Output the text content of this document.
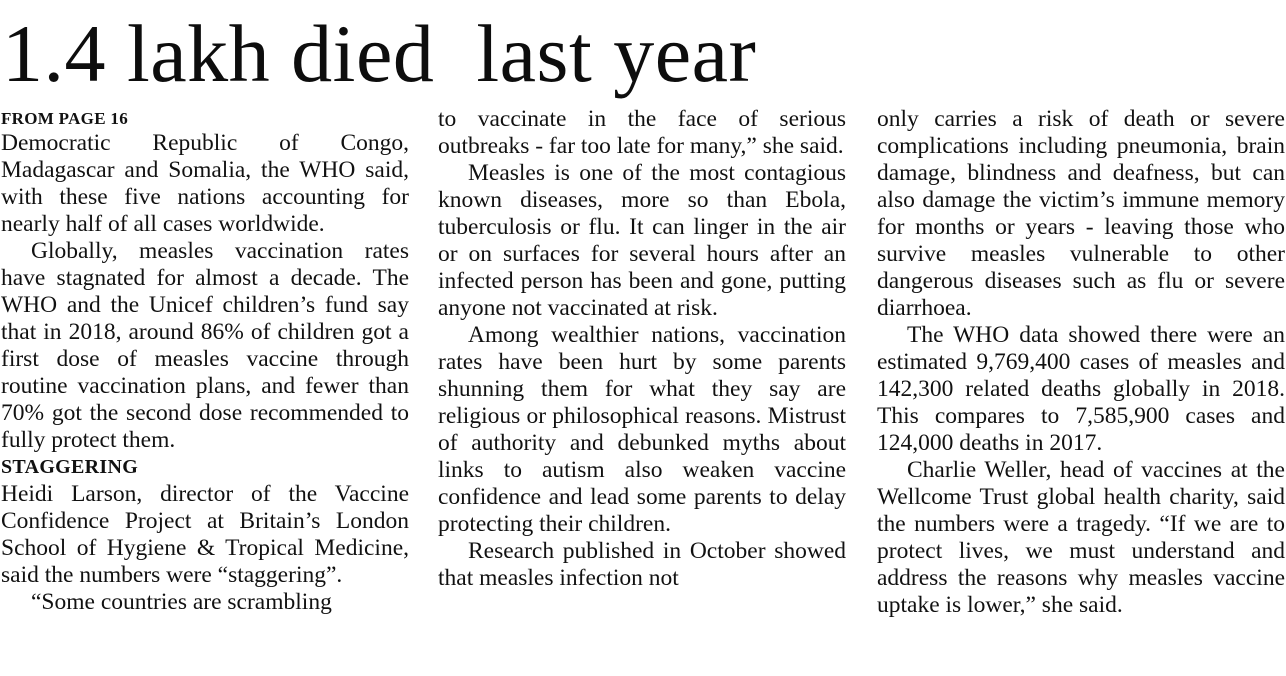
1.4 lakh died  last year
FROM PAGE 16

Democratic Republic of Congo, Madagascar and Somalia, the WHO said, with these five nations accounting for nearly half of all cases worldwide.

Globally, measles vaccination rates have stagnated for almost a decade. The WHO and the Unicef children’s fund say that in 2018, around 86% of children got a first dose of measles vaccine through routine vaccination plans, and fewer than 70% got the second dose recommended to fully protect them.

STAGGERING

Heidi Larson, director of the Vaccine Confidence Project at Britain’s London School of Hygiene & Tropical Medicine, said the numbers were “staggering”.

“Some countries are scrambling

to vaccinate in the face of serious outbreaks - far too late for many,” she said.

Measles is one of the most contagious known diseases, more so than Ebola, tuberculosis or flu. It can linger in the air or on surfaces for several hours after an infected person has been and gone, putting anyone not vaccinated at risk.

Among wealthier nations, vaccination rates have been hurt by some parents shunning them for what they say are religious or philosophical reasons. Mistrust of authority and debunked myths about links to autism also weaken vaccine confidence and lead some parents to delay protecting their children.

Research published in October showed that measles infection not

only carries a risk of death or severe complications including pneumonia, brain damage, blindness and deafness, but can also damage the victim’s immune memory for months or years - leaving those who survive measles vulnerable to other dangerous diseases such as flu or severe diarrhoea.

The WHO data showed there were an estimated 9,769,400 cases of measles and 142,300 related deaths globally in 2018. This compares to 7,585,900 cases and 124,000 deaths in 2017.

Charlie Weller, head of vaccines at the Wellcome Trust global health charity, said the numbers were a tragedy. “If we are to protect lives, we must understand and address the reasons why measles vaccine uptake is lower,” she said.
